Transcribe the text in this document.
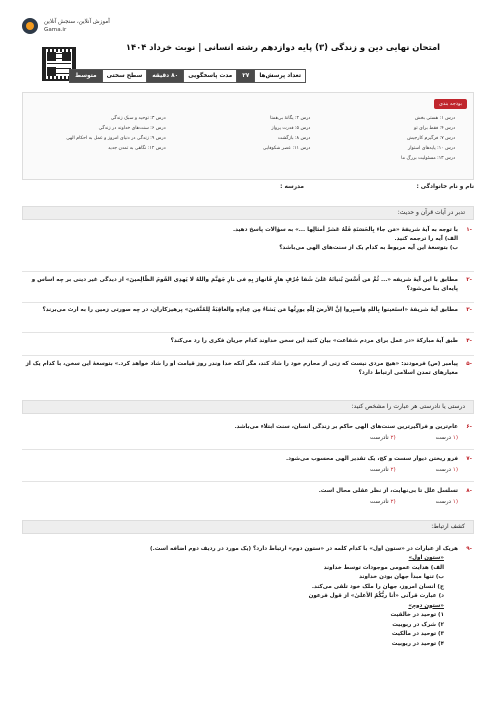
آموزش آنلاین، سنجش آنلاین
Gama.ir
امتحان نهایی دین و زندگی (۳) پایه دوازدهم رشته انسانی | نوبت خرداد ۱۴۰۴
تعداد پرسش‌ها
۲۷
مدت پاسخگویی
۸۰ دقیقه
سطح سختی
متوسط
بودجه بندی
درس ۱: هستی بخش
درس ۲: یگانهٔ بی‌همتا
درس ۳: توحید و سبک زندگی
درس ۴: فقط برای تو
درس ۵: قدرت پرواز
درس ۶: سنت‌های خداوند در زندگی
درس ۷: فرگیرم کارجیش
درس ۸: بازگشت
درس ۹: زندگی در دنیای امروز و عمل به احکام الهی
درس ۱۰: پایه‌های استوار
درس ۱۱: عصر شکوفایی
درس ۱۲: نگاهی به تمدن جدید
درس ۱۳: مسئولیت بزرگ ما
نام و نام خانوادگی :
مدرسه :
تدبر در آیات قرآن و حدیث:
-۱
با توجه به آیهٔ شریفهٔ «مَن جاءَ بِالحَسَنَةِ فَلَهُ عَشرُ أمثالِها ...» به سؤالات پاسخ دهید.
الف) آیه را ترجمه کنید.
ب) بتوسعهٔ این آیه مربوط به کدام یک از سنت‌های الهی می‌باشد؟
-۲
مطابق با این آیهٔ شریفه «... ثُمَّ مَن أَسَّسَ بُنیانَهُ عَلیٰ شَفا جُرُفٍ هارٍ فَانهارَ بِهِ فی نارِ جَهَنَّمَ واللهُ لا یَهدِی القَومَ الظّالِمینَ» از دیدگی غیر دینی بر چه اساس و پایه‌ای بنا می‌شود؟
-۳
مطابق آیهٔ شریفهٔ «استَعینوا بِاللهِ وَاصبِروا إنَّ الأرضَ لِلّهِ یورِثُها مَن یَشاءُ مِن عِبادِهِ والعاقِبَةُ لِلمُتَّقینَ» پرهیزکاران، در چه صورتی زمین را به ارث می‌برند؟
-۴
طبق آیهٔ مبارکهٔ «در عمل برای مردم شفاعت» بیان کنید این سخن خداوند کدام جریان فکری را رد می‌کند؟
-۵
پیامبر (ص) فرمودند: «هیچ مردی نیست که زنی از محارم خود را شاد کند، مگر آنکه خدا وندر روز قیامت او را شاد خواهد کرد.» بتوسعهٔ این سخن، با کدام یک از معیارهای تمدن اسلامی ارتباط دارد؟
درستی یا نادرستی هر عبارت را مشخص کنید:
-۶
عام‌ترین و فراگیرترین سنت‌های الهی حاکم بر زندگی انسان، سنت ابتلاء می‌باشد.
(۱ درست
(۲ نادرست
-۷
فرو ریختن دیوار سست و کج، یک تقدیر الهی محسوب می‌شود.
(۱ درست
(۲ نادرست
-۸
تسلسل علل تا بی‌نهایت، از نظر عقلی محال است.
(۱ درست
(۲ نادرست
کشف ارتباط:
-۹
هریک از عبارات در «ستون اول» با کدام کلمه در «ستون دوم» ارتباط دارد؟ (یک مورد در ردیف دوم اضافه است.)
«ستون اول»
الف) هدایت عمومی موجودات توسط خداوند
ب) تنها مبدأ جهان بودن خداوند
ج) انسان امروز، جهان را ملک خود تلقی می‌کند.
د) عبارت قرآنی «أنا ربُّکُمُ الأعلیٰ» از قول فرعون
«ستون دوم»
۱) توحید در خالقیت
۲) شرک در ربوبیت
۳) توحید در مالکیت
۴) توحید در ربوبیت
